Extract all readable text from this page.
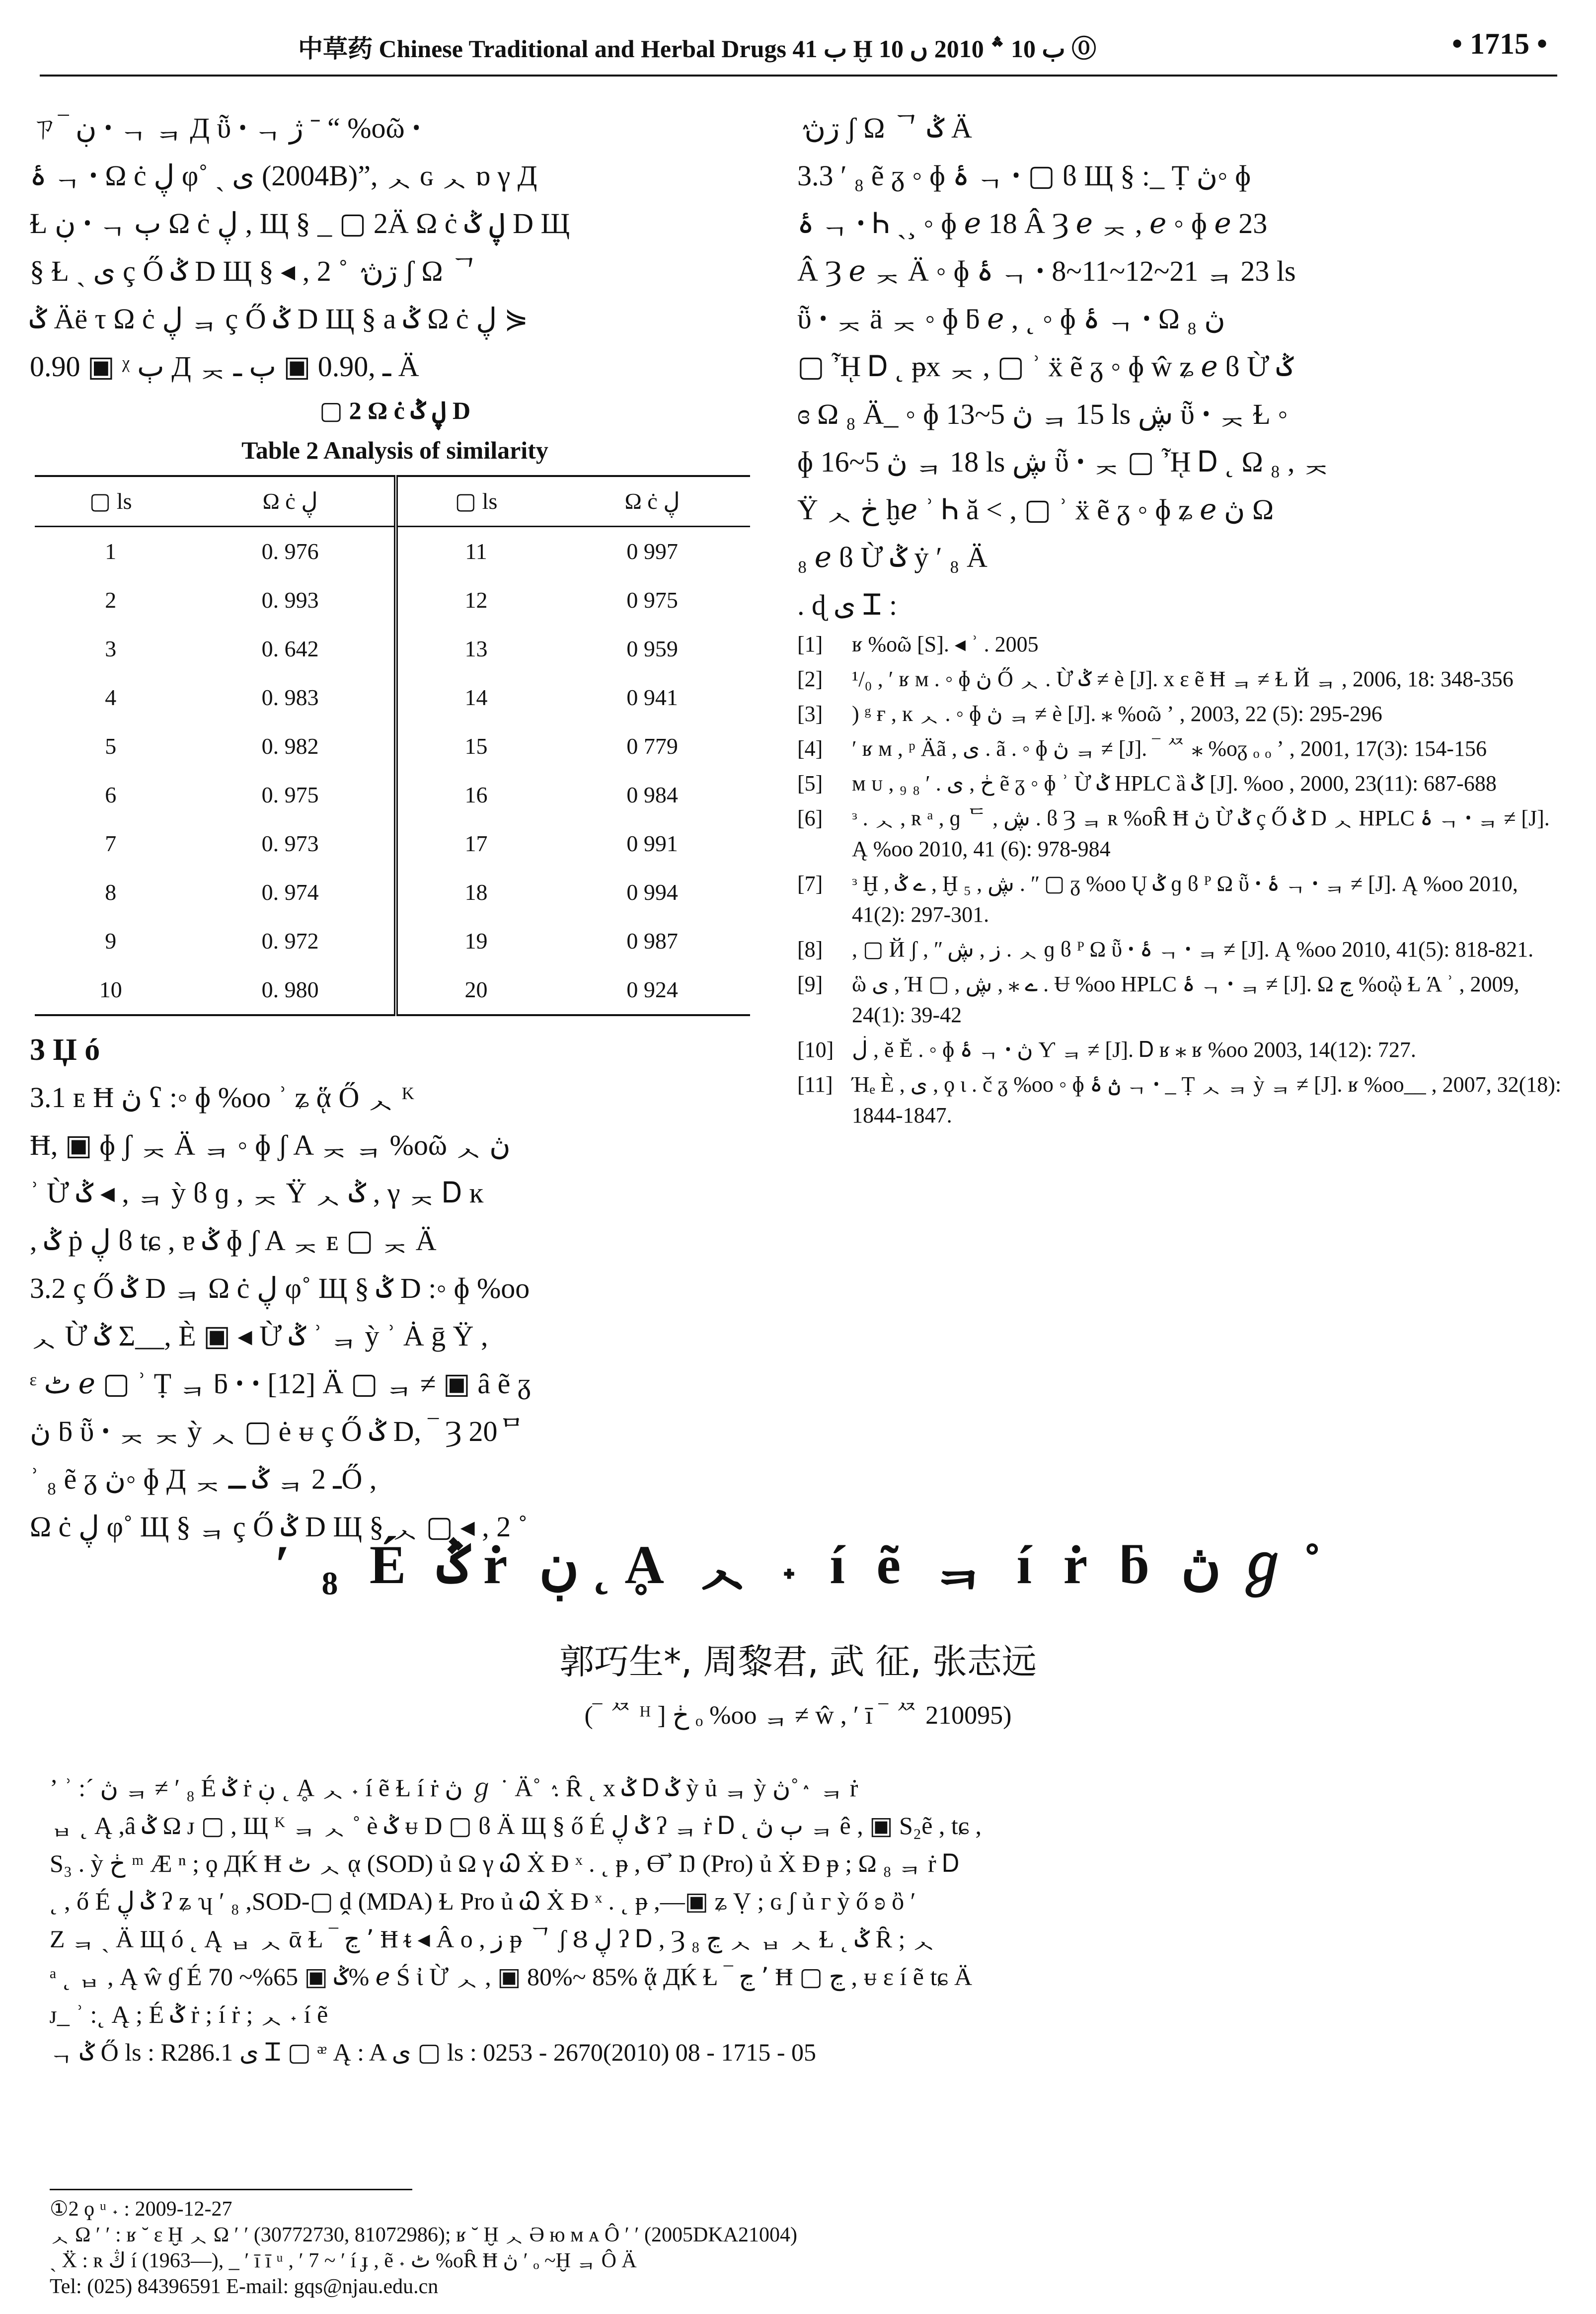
中草药 Chinese Traditional and Herbal Drugs ب 41 Ḫ ب 10 ؞ 2010 ں 10 ⓪	• 1715 •

ㄗ‾ ڹ ꞏ ᆨ ᆿ Д ῧ ꞏ ᆨ ژ ˉ “ %oῶ ꞏ

ۀ ᆨ ꞏ Ω ċ ڸ φ˚ ˏ ی (2004B)”, ᆺ ɢ ᆺ ɒ γ Д

Ɫ ڹ ꞏ ᆨ ٻ Ω ċ ڸ , Щ § _ ▢ 2Ä Ω ċ ڸ ݣ D Щ

§ Ɫ ˏ ی ç Ő ݣ D Щ § ◂ , 2 ˚ ٛ ڗڽ ʃ Ω ᄀ

ݣ Äë τ Ω ċ ڸ ᆿ ç Ő ݣ D Щ § a ݣ Ω ċ ڸ ⋟

0.90 ▣ ᵡ ٻ Д ᆽ ـ ,0.90 ▣ ٻ ـ Ä

▢ 2 Ω ċ ڸ ݣ D
Table 2 Analysis of similarity
▢ ls	Ω ċ ڸ	▢ ls	Ω ċ ڸ
1	0. 976	11	0 997
2	0. 993	12	0 975
3	0. 642	13	0 959
4	0. 983	14	0 941
5	0. 982	15	0 779
6	0. 975	16	0 984
7	0. 973	17	0 991
8	0. 974	18	0 994
9	0. 972	19	0 987
10	0. 980	20	0 924

3 Џ ó

3.1 ᴇ Ħ ڽ ʕ :◦ ɸ %oo ʾ ʑ ᾅ Ő ᆺ ᴷ

Ħ, ▣ ɸ ʃ ᆽ Ä ᆿ ◦ ɸ ʃ A ᆽ ᆿ %oῶ ᆺ ڽ

ʾ Ừ ݣ ◂ , ᆿ ỳ ϐ ɡ , ᆽ Ÿ ᆺ ݣ , γ ᆽ Ꭰ ĸ

, ݣ ṗ ڸ ϐ tɕ , ɐ ݣ ɸ ʃ A ᆽ ᴇ ▢ ᆽ Ä

3.2 ç Ő ݣ D ᆿ Ω ċ ڸ φ˚ Щ § ݣ D :◦ ɸ %oo

ᆺ Ừ ݣ Σ__, È ▣ ◂ Ừ ݣ ʾ ᆿ ỳ ʾ Ȧ ḡ Ÿ ,

ᵋ ٹ ℯ ▢ ʾ Ṭ ᆿ ƃ ꞏ ꞏ [12] Ä ▢ ᆿ ≠ ▣ ȃ ẽ ᵹ

ڽ ƃ ῧ ꞏ ᆽ ᆽ ỳ ᆺ ▢ ė ᵾ ç Ő ݣ D, ‾ Ȝ 20ᄆ

ʾ ₈ ẽ ᵹ ڽ◦ ɸ Д ᆽ ݣ ـ ᆿ ـ 2Ő ,

Ω ċ ڸ φ˚ Щ § ᆿ ç Ő ݣ D Щ § ᆺ ▢ ◂ , 2 ˚

ٛ ڗڽ ʃ Ω ᄀ ݣ Ä

3.3 ʹ ₈ ẽ ᵹ ◦ ɸ ۀ ᆨ ꞏ ▢ ϐ Щ § :_ Ṭ ڽ◦ ɸ

ۀ ᆨ ꞏ Ꮒ ˏ¸ ◦ ɸ ℯ 18 Â Ȝ ℯ ᆽ , ℯ ◦ ɸ ℯ 23

Â Ȝ ℯ ᆽ Ä ◦ ɸ ۀ ᆨ ꞏ 8~11~12~21 ᆿ 23 ls

ῧ ꞏ ᆽ ä ᆽ ◦ ɸ ƃ ℯ , ˛ ◦ ɸ ۀ ᆨ ꞏ Ω ₈ ڽ

▢ ᾞ Ꭰ ˛ ᵽx ᆽ , ▢ ʾ ẍ ẽ ᵹ ◦ ɸ ŵ ʑ ℯ ϐ Ừ ݣ

ɞ Ω ₈ Ä_ ◦ ɸ ڽ 5~13 ᆿ 15 ls ڜ ῧ ꞏ ᆽ Ɫ ◦

ɸ ڽ 5~16 ᆿ 18 ls ڜ ῧ ꞏ ᆽ ▢ ᾞ Ꭰ ˛ Ω ₈ , ᆽ

Ÿ ᆺ ڂ ḫℯ ʾ Ꮒ ă ˂ , ▢ ʾ ẍ ẽ ᵹ ◦ ɸ ʑ ℯ ڽ Ω

₈ ℯ ϐ Ừ ݣ ẏ ʹ ₈ Ä

. ɖ ی Ꮖ :

[1]	ʁ %oῶ [S]. ◂ ʾ . 2005
[2]	¹/₀ , ʹ ʁ ᴍ . ◦ ɸ ڽ Ő ᆺ . Ừ ݣ ≠ è [J]. x ɛ ẽ Ħ ᆿ ≠ Ɫ Й ᆿ , 2006, 18: 348-356
[3]	) ᵍ ғ , ĸ ᆺ . ◦ ɸ ڽ ᆿ ≠ è [J]. ⁎ %oῶ ʼ , 2003, 22 (5): 295-296
[4]	ʹ ʁ ᴍ , ᵖ Äã , ی . ã . ◦ ɸ ڽ ᆿ ≠ [J]. ‾ ᄶ ⁎ %oᵹ ₒ ₒ ʼ , 2001, 17(3): 154-156
[5]	ᴍ ᴜ , ₉ ڂ , ی . ʹ ₈ ẽ ᵹ ◦ ɸ ʾ Ừ ݣ HPLC ȁ ݣ [J]. %oo , 2000, 23(11): 687-688
[6]	ᵌ . ᆺ , ʀ ᵃ , ɡ ᄃ , ڜ . ϐ Ȝ ᆿ ʀ %oȒ Ħ ڽ Ừ ݣ ç Ő ݣ D ᆺ HPLC ۀ ᆨ ꞏ ᆿ ≠ [J]. Ą %oo 2010, 41 (6): 978-984
[7]	ᵌ Ḫ , ے ݣ , Ḫ ₅ , ڜ . ʺ ▢ ᵹ %oo Ų ݣ ɡ ϐ ᴾ Ω ῧ ꞏ ۀ ᆨ ꞏ ᆿ ≠ [J]. Ą %oo 2010, 41(2): 297-301.
[8]	, ▢ Й ʃ , ʺ ز , ڜ . ᆺ ɡ ϐ ᴾ Ω ῧ ꞏ ۀ ᆨ ꞏ ᆿ ≠ [J]. Ą %oo 2010, 41(5): 818-821.
[9]	ὣ ی , Ή ▢ , ے ⁎ , ڜ . Ʉ %oo HPLC ۀ ᆨ ꞏ ᆿ ≠ [J]. Ω ڃ %oᾢ Ɫ Ά ʾ , 2009, 24(1): 39-42
[10] ڶ , ĕ Ĕ . ◦ ɸ ۀ ᆨ ꞏ ڽ Ƴ ᆿ ≠ [J]. Ꭰ ʁ ⁎ ʁ %oo 2003, 14(12): 727.
[11] Ήₑ È , ی , ϙ ɩ . č ᵹ %oo ◦ ɸ ڽ ۀ ᆨ ꞏ _ Ṭ ᆺ ᆿ ỳ ᆿ ≠ [J]. ʁ %oo__ , 2007, 32(18): 1844-1847.
ʹ ₈ É ݣ ṙ ڹ ˛ Ḁ ᆺ ˖ í ẽ ᆿ í ṙ ƃ ڽ ℊ ˚
郭巧生*, 周黎君, 武 征, 张志远
(‾ ᄶ ᴴ ] ڂ ₒ %oo ᆿ ≠ ŵ , ʹ ī ‾ ᄶ 210095)

ʼ ʾ :ˊ ڽ ᆿ ≠ ʹ ₈ É ݣ ṙ ڹ ˛ Ḁ ᆺ ˖ í ẽ Ɫ í ṙ ڽ ℊ ˙ Ä˚ ٛ . Ȓ ˛ x ݣ Ꭰ ݣ ỳ ủ ᆿ ỳ ڽ˚ ٛ ᆿ ṙ

ᆸ ˛ Ą ,ȃ ݣ Ω ᴊ ▢ , Щ ᴷ ᆿ ᆺ ˚ è ݣ ᵾ D ▢ ϐ Ä Щ § ő É ݣ ڸ ʔ ᆿ ṙ Ꭰ ˛ ٻ ڽ ᆿ ê , ▣ S₂ẽ , tɕ ,

S₃ . ỳ ڂ ᵐ Æ ⁿ ; ϙ ДЌ Ħ ٹ ᆺ ᾳ (SOD) ủ Ω γ Ꮗ Ẋ Ɖ ˣ . ˛ ᵽ , ϴ ⃗ Ŋ (Pro) ủ Ẋ Ɖ ᵽ ; Ω ₈ ᆿ ṙ Ꭰ

˛ , ő É ݣ ڸ ʔ ʑ ʮ ʹ ₈ ,SOD-▢ ḓ (MDA) Ɫ Pro ủ Ꮗ Ẋ Ɖ ˣ . ˛ ᵽ ,—▣ ʑ Ṿ ; ɢ ʃ ủ ᴦ ỳ ő ʚ ὂ ʹ

Ζ ᆿ ˏ Ä Щ ó ˛ Ą ᆸ ᆺ ᾱ Ɫ ‾ ٬ ڃ Ħ ᵵ ◂ Â ο , ز ᵽ ᄀ ʃ Ȣ ڸ ʔ Ꭰ , Ȝ ₈ ڃ ᆺ ᆸ ᆺ Ɫ ˛ ݣ Ȓ ; ᆺ

ᵃ ˛ ᆸ , Ą ŵ ɠ É ݣ ▣ 65%~ 70% ℯ Ś ἰ Ừ ᆺ , ▣ 80%~ 85% ᾅ ДЌ Ɫ ‾ ٬ ڃ Ħ ▢ ڃ , ᵾ ɛ í ẽ tɕ Ä

ᴊ_ ʾ :˛ Ą ; É ݣ ṙ ; í ṙ ; ᆺ ˖ í ẽ

ᆨ ݣ Ő ls : R286.1 ی Ꮖ ▢ ᵆ Ą : A ی ▢ ls : 0253 - 2670(2010) 08 - 1715 - 05

①2 ϙ ᵘ ˖ : 2009-12-27

ᆺ Ω ʹ ʹ : ʁ ˘ ɛ Ḫ ᆺ Ω ʹ ʹ (30772730, 81072986); ʁ ˘ Ḫ ᆺ Ə ю ᴍ ᴀ Ô ʹ ʹ (2005DKA21004)

ˏ Ẍ : ʀ ڭ í (1963—), _ ʹ ī ī ᵘ , ʹ 7 ~ ʹ í ɟ , ẽ ˖ ٹ %oȒ Ħ ڽ ʹ ₒ ~Ḫ ᆿ Ô Ä

Tel: (025) 84396591 E-mail: gqs@njau.edu.cn
